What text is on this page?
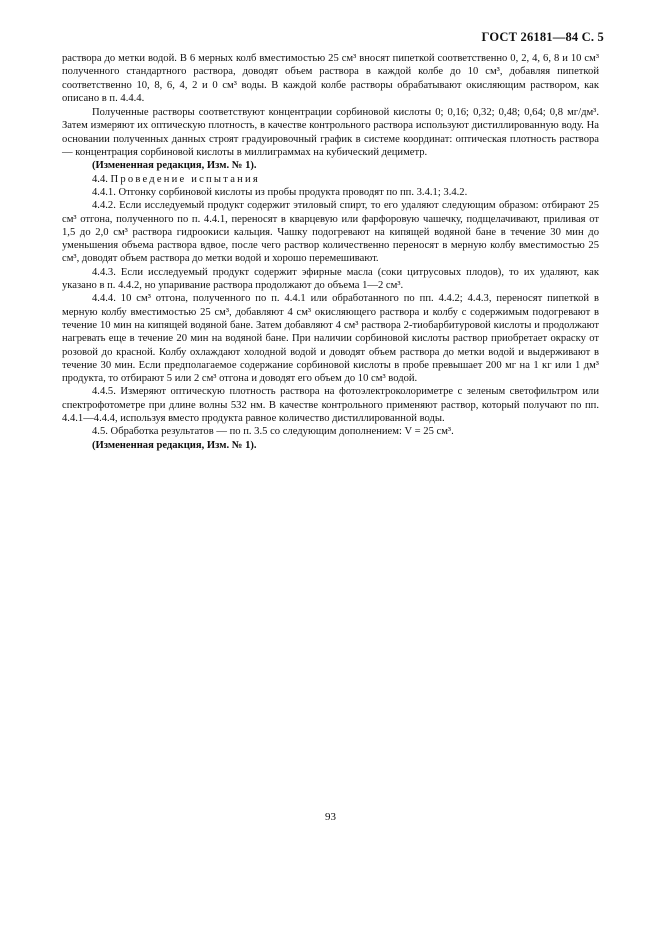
ГОСТ 26181—84 С. 5

раствора до метки водой. В 6 мерных колб вместимостью 25 см³ вносят пипеткой соответственно 0, 2, 4, 6, 8 и 10 см³ полученного стандартного раствора, доводят объем раствора в каждой колбе до 10 см³, добавляя пипеткой соответственно 10, 8, 6, 4, 2 и 0 см³ воды. В каждой колбе растворы обрабатывают окисляющим раствором, как описано в п. 4.4.4.

Полученные растворы соответствуют концентрации сорбиновой кислоты 0; 0,16; 0,32; 0,48; 0,64; 0,8 мг/дм³. Затем измеряют их оптическую плотность, в качестве контрольного раствора используют дистиллированную воду. На основании полученных данных строят градуировочный график в системе координат: оптическая плотность раствора — концентрация сорбиновой кислоты в миллиграммах на кубический дециметр.

(Измененная редакция, Изм. № 1).

4.4. Проведение испытания

4.4.1. Отгонку сорбиновой кислоты из пробы продукта проводят по пп. 3.4.1; 3.4.2.

4.4.2. Если исследуемый продукт содержит этиловый спирт, то его удаляют следующим образом: отбирают 25 см³ отгона, полученного по п. 4.4.1, переносят в кварцевую или фарфоровую чашечку, подщелачивают, приливая от 1,5 до 2,0 см³ раствора гидроокиси кальция. Чашку подогревают на кипящей водяной бане в течение 30 мин до уменьшения объема раствора вдвое, после чего раствор количественно переносят в мерную колбу вместимостью 25 см³, доводят объем раствора до метки водой и хорошо перемешивают.

4.4.3. Если исследуемый продукт содержит эфирные масла (соки цитрусовых плодов), то их удаляют, как указано в п. 4.4.2, но упаривание раствора продолжают до объема 1—2 см³.

4.4.4. 10 см³ отгона, полученного по п. 4.4.1 или обработанного по пп. 4.4.2; 4.4.3, переносят пипеткой в мерную колбу вместимостью 25 см³, добавляют 4 см³ окисляющего раствора и колбу с содержимым подогревают в течение 10 мин на кипящей водяной бане. Затем добавляют 4 см³ раствора 2-тиобарбитуровой кислоты и продолжают нагревать еще в течение 20 мин на водяной бане. При наличии сорбиновой кислоты раствор приобретает окраску от розовой до красной. Колбу охлаждают холодной водой и доводят объем раствора до метки водой и выдерживают в течение 30 мин. Если предполагаемое содержание сорбиновой кислоты в пробе превышает 200 мг на 1 кг или 1 дм³ продукта, то отбирают 5 или 2 см³ отгона и доводят его объем до 10 см³ водой.

4.4.5. Измеряют оптическую плотность раствора на фотоэлектроколориметре с зеленым светофильтром или спектрофотометре при длине волны 532 нм. В качестве контрольного применяют раствор, который получают по пп. 4.4.1—4.4.4, используя вместо продукта равное количество дистиллированной воды.

4.5. Обработка результатов — по п. 3.5 со следующим дополнением: V = 25 см³.

(Измененная редакция, Изм. № 1).

93
